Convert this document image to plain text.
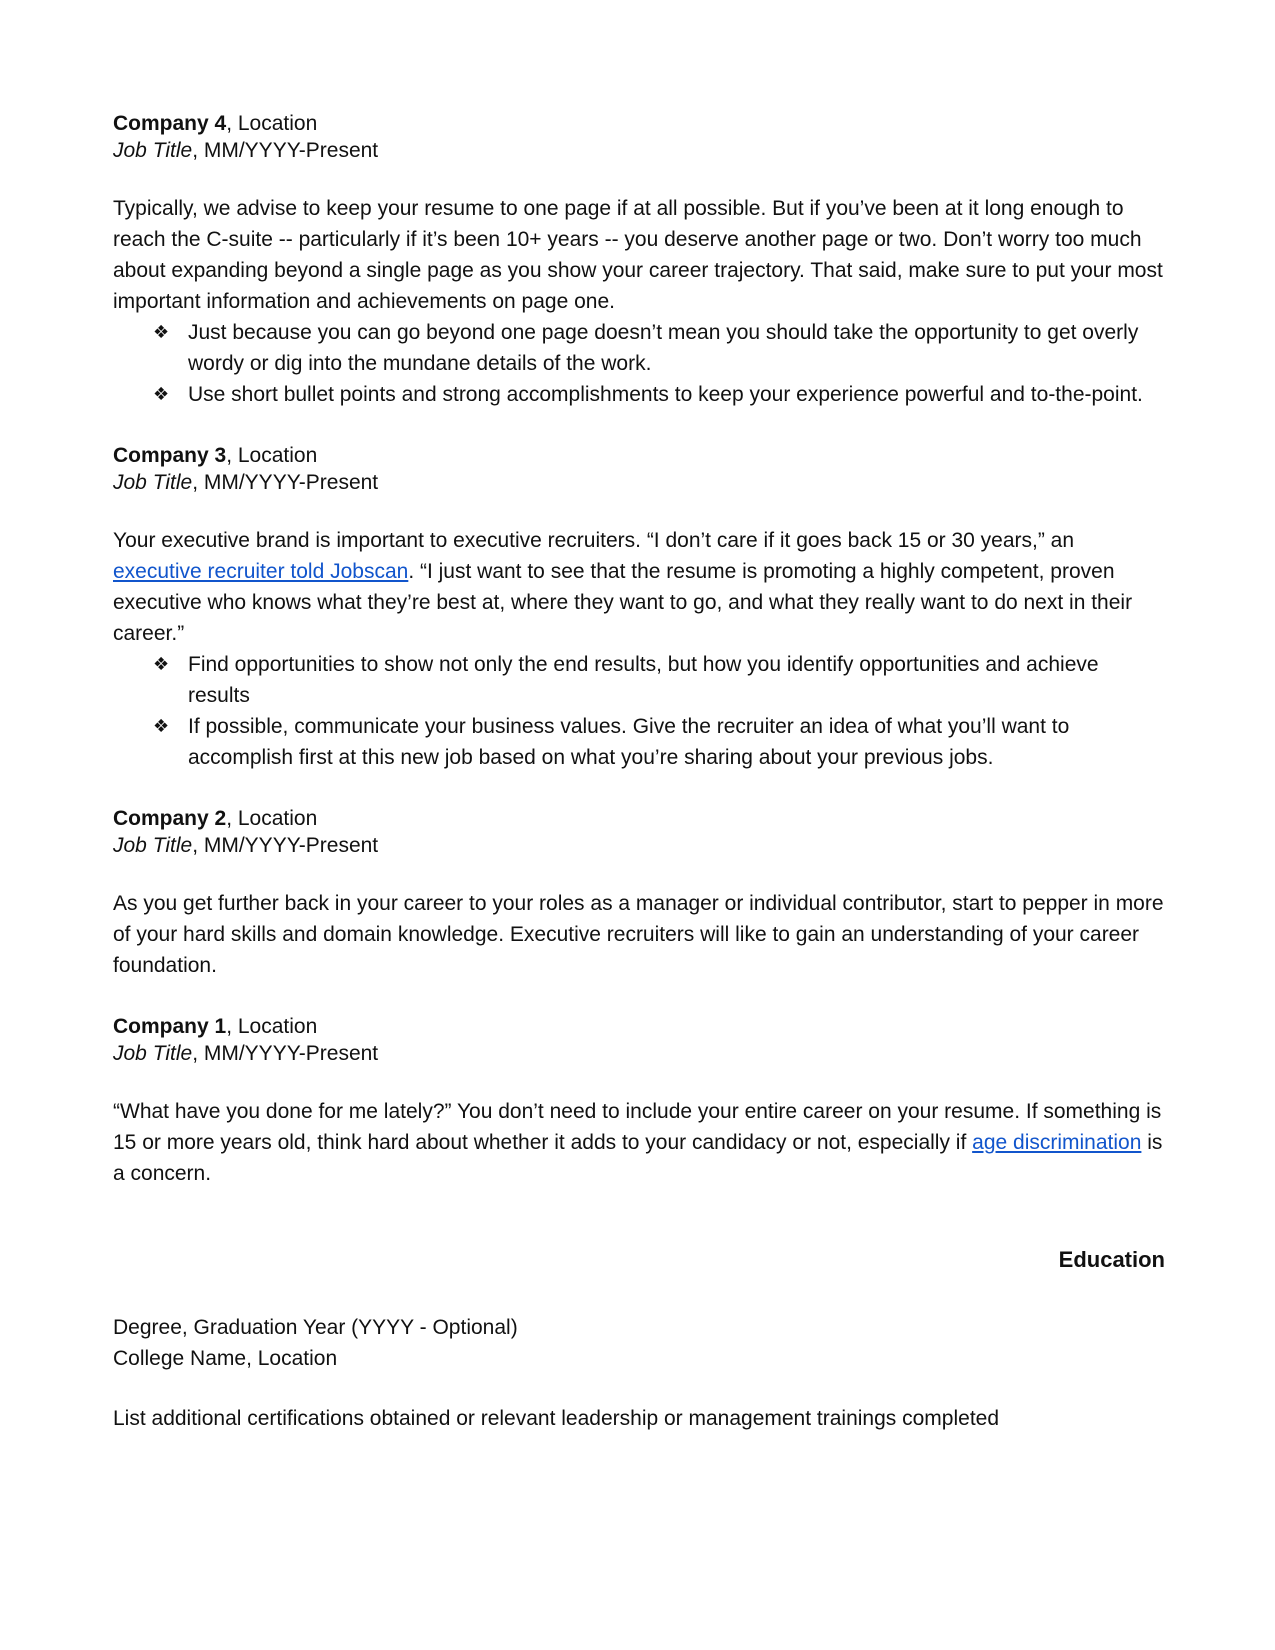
Company 4, Location
Job Title, MM/YYYY-Present
Typically, we advise to keep your resume to one page if at all possible. But if you’ve been at it long enough to reach the C-suite -- particularly if it’s been 10+ years -- you deserve another page or two. Don’t worry too much about expanding beyond a single page as you show your career trajectory. That said, make sure to put your most important information and achievements on page one.
❖ Just because you can go beyond one page doesn’t mean you should take the opportunity to get overly wordy or dig into the mundane details of the work.
❖ Use short bullet points and strong accomplishments to keep your experience powerful and to-the-point.
Company 3, Location
Job Title, MM/YYYY-Present
Your executive brand is important to executive recruiters. “I don’t care if it goes back 15 or 30 years,” an executive recruiter told Jobscan. “I just want to see that the resume is promoting a highly competent, proven executive who knows what they’re best at, where they want to go, and what they really want to do next in their career.”
❖ Find opportunities to show not only the end results, but how you identify opportunities and achieve results
❖ If possible, communicate your business values. Give the recruiter an idea of what you’ll want to accomplish first at this new job based on what you’re sharing about your previous jobs.
Company 2, Location
Job Title, MM/YYYY-Present
As you get further back in your career to your roles as a manager or individual contributor, start to pepper in more of your hard skills and domain knowledge. Executive recruiters will like to gain an understanding of your career foundation.
Company 1, Location
Job Title, MM/YYYY-Present
“What have you done for me lately?” You don’t need to include your entire career on your resume. If something is 15 or more years old, think hard about whether it adds to your candidacy or not, especially if age discrimination is a concern.
Education
Degree, Graduation Year (YYYY - Optional)
College Name, Location
List additional certifications obtained or relevant leadership or management trainings completed
